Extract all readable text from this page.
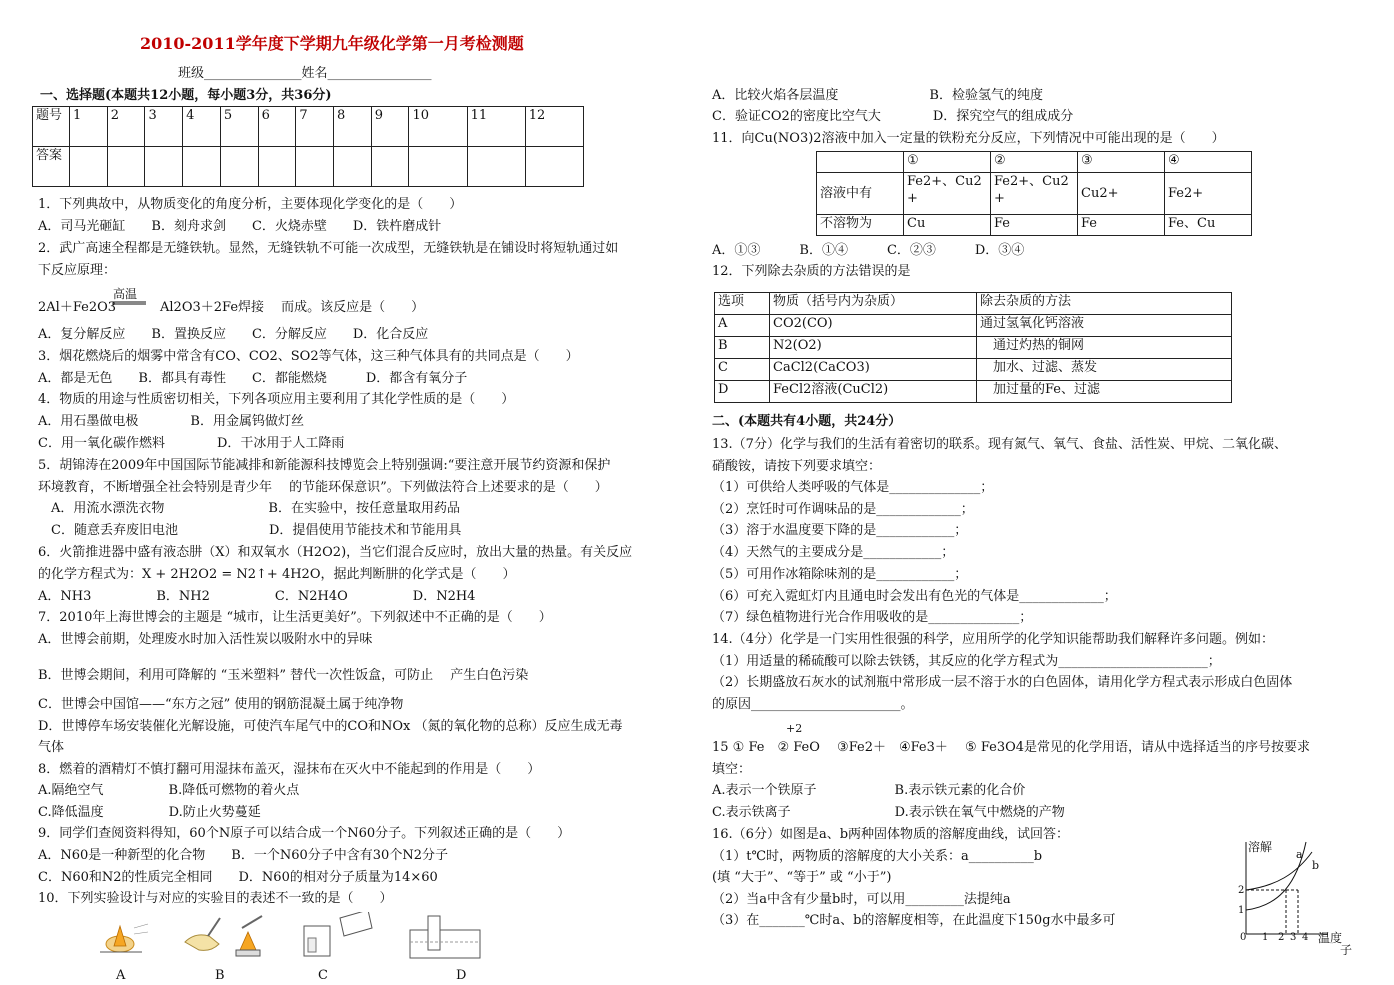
2010-2011学年度下学期九年级化学第一月考检测题
班级_______________姓名________________
一、选择题(本题共12小题，每小题3分，共36分)
题号	1	2	3	4	5	6	7	8	9	10	11	12
答案												
1．下列典故中，从物质变化的角度分析，主要体现化学变化的是（　　）
A．司马光砸缸　　B．刻舟求剑　　C．火烧赤壁　　D．铁杵磨成针
2．武广高速全程都是无缝铁轨。显然，无缝铁轨不可能一次成型，无缝铁轨是在铺设时将短轨通过如
下反应原理：
2Al＋Fe2O3
高温
Al2O3＋2Fe焊接　 而成。该反应是（　　）
A．复分解反应　　B．置换反应　　C．分解反应　　D．化合反应
3．烟花燃烧后的烟雾中常含有CO、CO2、SO2等气体，这三种气体具有的共同点是（　　）
A．都是无色　　B．都具有毒性　　C．都能燃烧　　　D．都含有氧分子
4．物质的用途与性质密切相关，下列各项应用主要利用了其化学性质的是（　　）
A．用石墨做电极　　　　B．用金属钨做灯丝
C．用一氧化碳作燃料　　　　D．干冰用于人工降雨
5．胡锦涛在2009年中国国际节能减排和新能源科技博览会上特别强调:“要注意开展节约资源和保护
环境教育，不断增强全社会特别是青少年　 的节能环保意识”。下列做法符合上述要求的是（　　）
　A．用流水漂洗衣物　　　　　　　　B．在实验中，按任意量取用药品
　C．随意丢弃废旧电池　　　　　　　D．提倡使用节能技术和节能用具
6．火箭推进器中盛有液态肼（X）和双氧水（H2O2)，当它们混合反应时，放出大量的热量。有关反应
的化学方程式为：X + 2H2O2 = N2↑+ 4H2O，据此判断肼的化学式是（　　）
A．NH3　　　　　B．NH2　　　　　C．N2H4O　　　　　D．N2H4
7．2010年上海世博会的主题是 “城市，让生活更美好”。下列叙述中不正确的是（　　）
A．世博会前期，处理废水时加入活性炭以吸附水中的异味
B．世博会期间，利用可降解的 “玉米塑料” 替代一次性饭盒，可防止　 产生白色污染
C．世博会中国馆——“东方之冠” 使用的钢筋混凝土属于纯净物
D．世博停车场安装催化光解设施，可使汽车尾气中的CO和NOx （氮的氧化物的总称）反应生成无毒
气体
8．燃着的酒精灯不慎打翻可用湿抹布盖灭，湿抹布在灭火中不能起到的作用是（　　）
A.隔绝空气　　　　　B.降低可燃物的着火点
C.降低温度　　　　　D.防止火势蔓延
9．同学们查阅资料得知，60个N原子可以结合成一个N60分子。下列叙述正确的是（　　）
A．N60是一种新型的化合物　　B．一个N60分子中含有30个N2分子
C．N60和N2的性质完全相同　　D．N60的相对分子质量为14×60
10．下列实验设计与对应的实验目的表述不一致的是（　　）
A	B	C	D
A．比较火焰各层温度　　　　　　　B．检验氢气的纯度
C．验证CO2的密度比空气大　　　　D．探究空气的组成成分
11．向Cu(NO3)2溶液中加入一定量的铁粉充分反应，下列情况中可能出现的是（　　）
	①	②	③	④
溶液中有	Fe2+、Cu2+	Fe2+、Cu2+	Cu2+	Fe2+
不溶物为	Cu	Fe	Fe	Fe、Cu
A．①③　　　B．①④　　　C．②③　　　D．③④
12．下列除去杂质的方法错误的是
选项	物质（括号内为杂质）	除去杂质的方法
A	CO2(CO)	通过氢氧化钙溶液
B	N2(O2)	　通过灼热的铜网
C	CaCl2(CaCO3)	　加水、过滤、蒸发
D	FeCl2溶液(CuCl2)	　加过量的Fe、过滤
二、(本题共有4小题，共24分）
13.（7分）化学与我们的生活有着密切的联系。现有氮气、氧气、食盐、活性炭、甲烷、二氧化碳、
硝酸铵，请按下列要求填空：
（1）可供给人类呼吸的气体是______________；
（2）烹饪时可作调味品的是_____________；
（3）溶于水温度要下降的是____________；
（4）天然气的主要成分是____________；
（5）可用作冰箱除味剂的是____________；
（6）可充入霓虹灯内且通电时会发出有色光的气体是_____________；
（7）绿色植物进行光合作用吸收的是______________；
14.（4分）化学是一门实用性很强的科学，应用所学的化学知识能帮助我们解释许多问题。例如：
（1）用适量的稀硫酸可以除去铁锈，其反应的化学方程式为_______________________；
（2）长期盛放石灰水的试剂瓶中常形成一层不溶于水的白色固体，请用化学方程式表示形成白色固体
的原因_______________________。
+2
15 ① Fe　② FeO　 ③Fe2＋　④Fe3＋　 ⑤ Fe3O4是常见的化学用语，请从中选择适当的序号按要求
填空：
A.表示一个铁原子　　　　　　B.表示铁元素的化合价
C.表示铁离子　　　　　　　　D.表示铁在氧气中燃烧的产物
16.（6分）如图是a、b两种固体物质的溶解度曲线，试回答：
（1）t℃时，两物质的溶解度的大小关系：a__________b
(填 “大于”、“等于” 或 “小于”)
（2）当a中含有少量b时，可以用_________法提纯a
（3）在_______℃时a、b的溶解度相等，在此温度下150g水中最多可
溶解
a
b
2
1
0 1 2 3 4 温度
子
